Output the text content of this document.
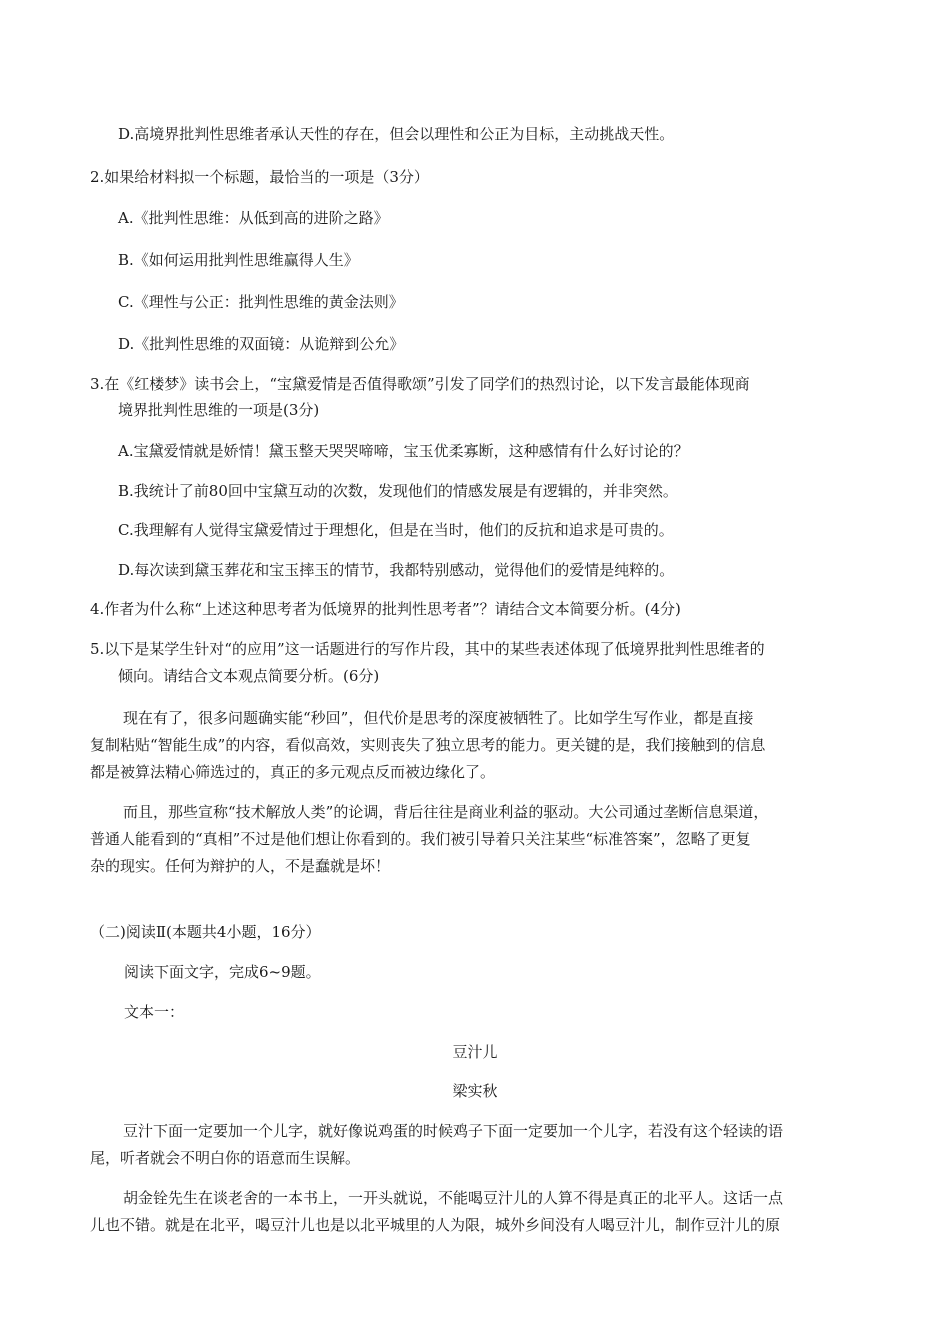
D.高境界批判性思维者承认天性的存在，但会以理性和公正为目标，主动挑战天性。
2.如果给材料拟一个标题，最恰当的一项是（3分）
A.《批判性思维：从低到高的进阶之路》
B.《如何运用批判性思维赢得人生》
C.《理性与公正：批判性思维的黄金法则》
D.《批判性思维的双面镜：从诡辩到公允》
3.在《红楼梦》读书会上，“宝黛爱情是否值得歌颂”引发了同学们的热烈讨论，以下发言最能体现商
境界批判性思维的一项是(3分)
A.宝黛爱情就是娇情！黛玉整天哭哭啼啼，宝玉优柔寡断，这种感情有什么好讨论的？
B.我统计了前80回中宝黛互动的次数，发现他们的情感发展是有逻辑的，并非突然。
C.我理解有人觉得宝黛爱情过于理想化，但是在当时，他们的反抗和追求是可贵的。
D.每次读到黛玉葬花和宝玉摔玉的情节，我都特别感动，觉得他们的爱情是纯粹的。
4.作者为什么称“上述这种思考者为低境界的批判性思考者”？请结合文本简要分析。(4分)
5.以下是某学生针对“的应用”这一话题进行的写作片段，其中的某些表述体现了低境界批判性思维者的
倾向。请结合文本观点简要分析。(6分)
现在有了，很多问题确实能“秒回”，但代价是思考的深度被牺牲了。比如学生写作业，都是直接
复制粘贴“智能生成”的内容，看似高效，实则丧失了独立思考的能力。更关键的是，我们接触到的信息
都是被算法精心筛选过的，真正的多元观点反而被边缘化了。
而且，那些宣称“技术解放人类”的论调，背后往往是商业利益的驱动。大公司通过垄断信息渠道，
普通人能看到的“真相”不过是他们想让你看到的。我们被引导着只关注某些“标准答案”，忽略了更复
杂的现实。任何为辩护的人，不是蠢就是坏！
（二)阅读Ⅱ(本题共4小题，16分）
阅读下面文字，完成6~9题。
文本一：
豆汁儿
梁实秋
豆汁下面一定要加一个儿字，就好像说鸡蛋的时候鸡子下面一定要加一个儿字，若没有这个轻读的语
尾，听者就会不明白你的语意而生误解。
胡金铨先生在谈老舍的一本书上，一开头就说，不能喝豆汁儿的人算不得是真正的北平人。这话一点
儿也不错。就是在北平，喝豆汁儿也是以北平城里的人为限，城外乡间没有人喝豆汁儿，制作豆汁儿的原
